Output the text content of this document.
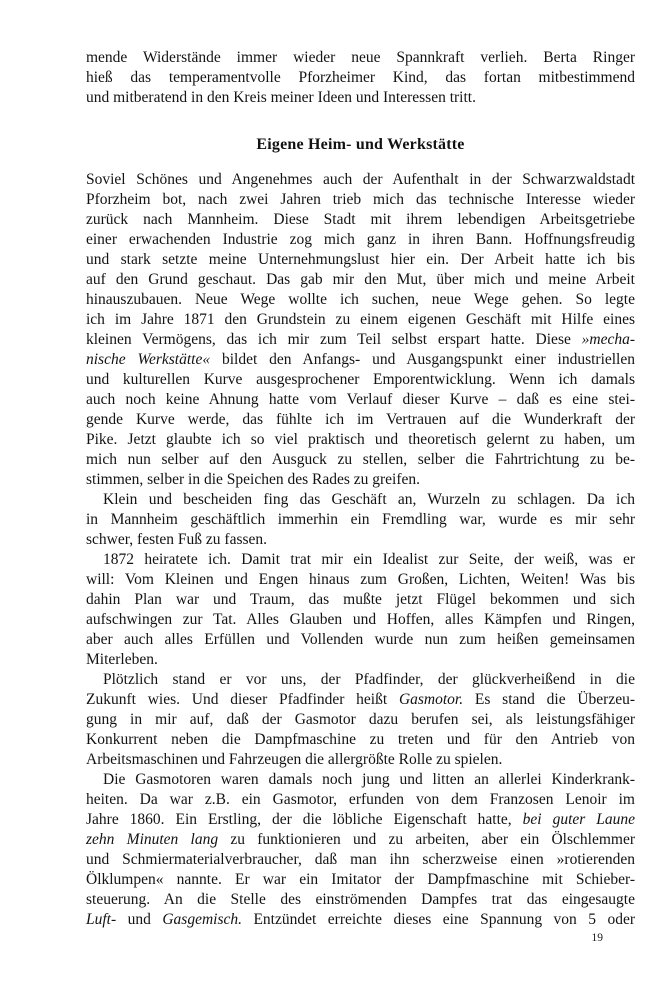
mende Widerstände immer wieder neue Spannkraft verlieh. Berta Ringer
hieß das temperamentvolle Pforzheimer Kind, das fortan mitbestimmend
und mitberatend in den Kreis meiner Ideen und Interessen tritt.
Eigene Heim- und Werkstätte
Soviel Schönes und Angenehmes auch der Aufenthalt in der Schwarzwaldstadt
Pforzheim bot, nach zwei Jahren trieb mich das technische Interesse wieder
zurück nach Mannheim. Diese Stadt mit ihrem lebendigen Arbeitsgetriebe
einer erwachenden Industrie zog mich ganz in ihren Bann. Hoffnungsfreudig
und stark setzte meine Unternehmungslust hier ein. Der Arbeit hatte ich bis
auf den Grund geschaut. Das gab mir den Mut, über mich und meine Arbeit
hinauszubauen. Neue Wege wollte ich suchen, neue Wege gehen. So legte
ich im Jahre 1871 den Grundstein zu einem eigenen Geschäft mit Hilfe eines
kleinen Vermögens, das ich mir zum Teil selbst erspart hatte. Diese »mecha-
nische Werkstätte« bildet den Anfangs- und Ausgangspunkt einer industriellen
und kulturellen Kurve ausgesprochener Emporentwicklung. Wenn ich damals
auch noch keine Ahnung hatte vom Verlauf dieser Kurve – daß es eine stei-
gende Kurve werde, das fühlte ich im Vertrauen auf die Wunderkraft der
Pike. Jetzt glaubte ich so viel praktisch und theoretisch gelernt zu haben, um
mich nun selber auf den Ausguck zu stellen, selber die Fahrtrichtung zu be-
stimmen, selber in die Speichen des Rades zu greifen.
Klein und bescheiden fing das Geschäft an, Wurzeln zu schlagen. Da ich
in Mannheim geschäftlich immerhin ein Fremdling war, wurde es mir sehr
schwer, festen Fuß zu fassen.
1872 heiratete ich. Damit trat mir ein Idealist zur Seite, der weiß, was er
will: Vom Kleinen und Engen hinaus zum Großen, Lichten, Weiten! Was bis
dahin Plan war und Traum, das mußte jetzt Flügel bekommen und sich
aufschwingen zur Tat. Alles Glauben und Hoffen, alles Kämpfen und Ringen,
aber auch alles Erfüllen und Vollenden wurde nun zum heißen gemeinsamen
Miterleben.
Plötzlich stand er vor uns, der Pfadfinder, der glückverheißend in die
Zukunft wies. Und dieser Pfadfinder heißt Gasmotor. Es stand die Überzeu-
gung in mir auf, daß der Gasmotor dazu berufen sei, als leistungsfähiger
Konkurrent neben die Dampfmaschine zu treten und für den Antrieb von
Arbeitsmaschinen und Fahrzeugen die allergrößte Rolle zu spielen.
Die Gasmotoren waren damals noch jung und litten an allerlei Kinderkrank-
heiten. Da war z.B. ein Gasmotor, erfunden von dem Franzosen Lenoir im
Jahre 1860. Ein Erstling, der die löbliche Eigenschaft hatte, bei guter Laune
zehn Minuten lang zu funktionieren und zu arbeiten, aber ein Ölschlemmer
und Schmiermaterialverbraucher, daß man ihn scherzweise einen »rotierenden
Ölklumpen« nannte. Er war ein Imitator der Dampfmaschine mit Schieber-
steuerung. An die Stelle des einströmenden Dampfes trat das eingesaugte
Luft- und Gasgemisch. Entzündet erreichte dieses eine Spannung von 5 oder
19
